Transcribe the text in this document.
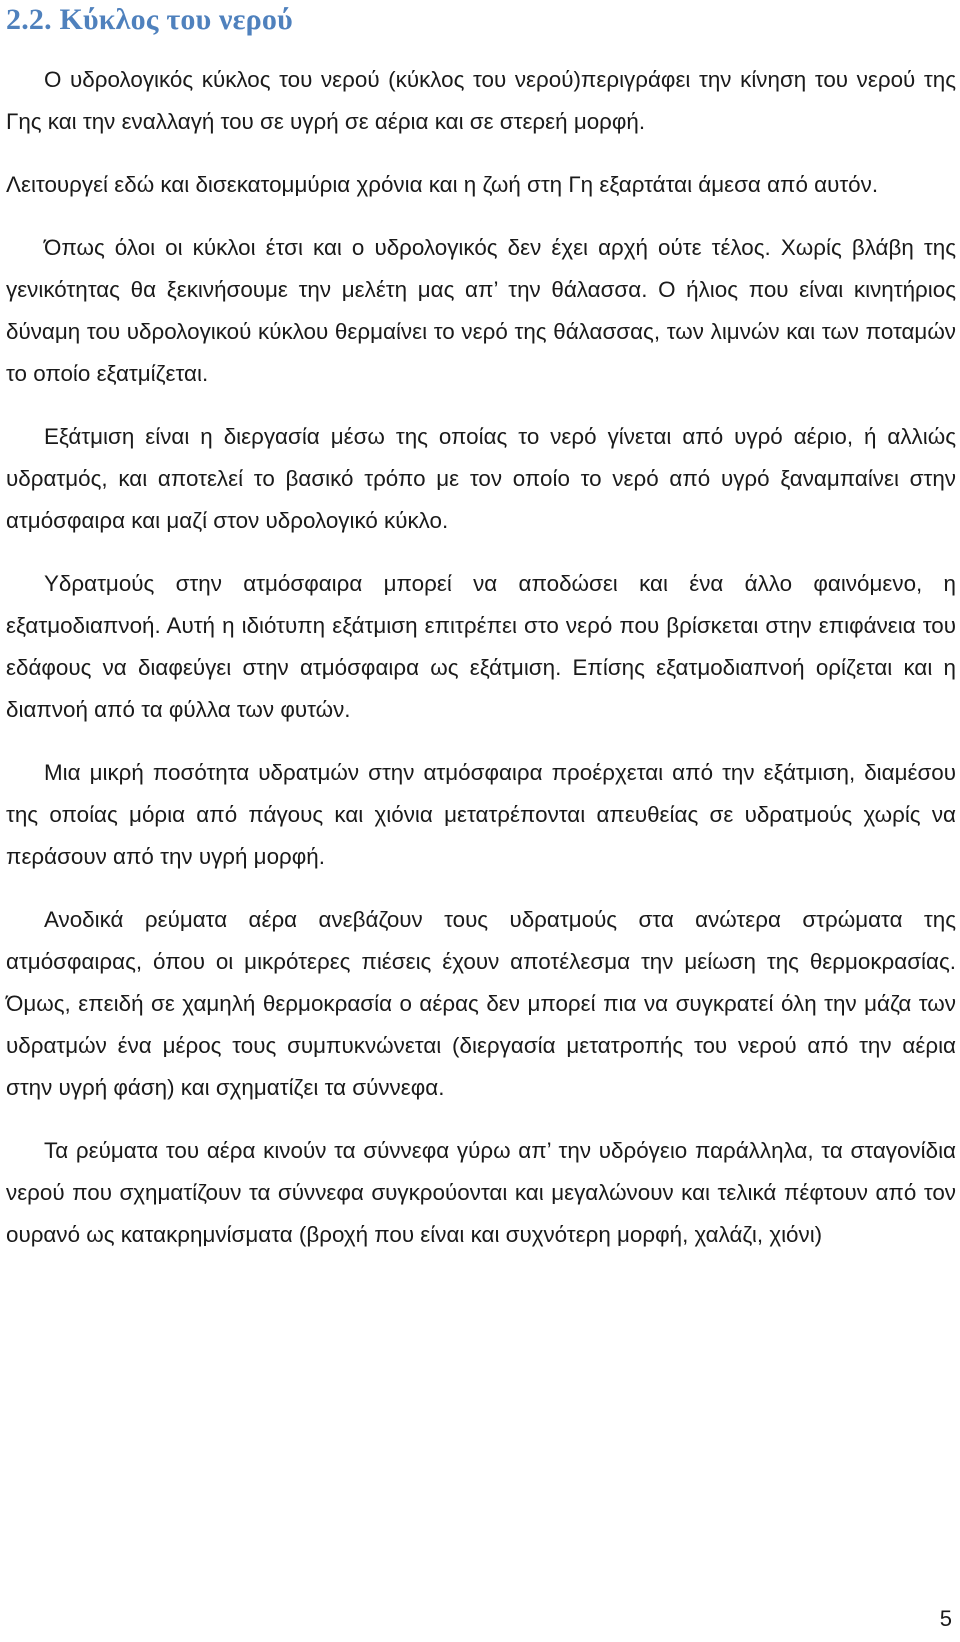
2.2. Κύκλος του νερού

Ο υδρολογικός κύκλος του νερού (κύκλος του νερού)περιγράφει την κίνηση του νερού της Γης και την εναλλαγή του σε υγρή σε αέρια και σε στερεή μορφή.

Λειτουργεί εδώ και δισεκατομμύρια χρόνια και η ζωή στη Γη εξαρτάται άμεσα από αυτόν.

Όπως όλοι οι κύκλοι έτσι και ο υδρολογικός δεν έχει αρχή ούτε τέλος. Χωρίς βλάβη της γενικότητας θα ξεκινήσουμε την μελέτη μας απ’ την θάλασσα. Ο ήλιος που είναι κινητήριος δύναμη του υδρολογικού κύκλου θερμαίνει το νερό της θάλασσας, των λιμνών και των ποταμών το οποίο εξατμίζεται.

Εξάτμιση είναι η διεργασία μέσω της οποίας το νερό γίνεται από υγρό αέριο, ή αλλιώς υδρατμός, και αποτελεί το βασικό τρόπο με τον οποίο το νερό από υγρό ξαναμπαίνει στην ατμόσφαιρα και μαζί στον υδρολογικό κύκλο.

Υδρατμούς στην ατμόσφαιρα μπορεί να αποδώσει και ένα άλλο φαινόμενο, η εξατμοδιαπνοή. Αυτή η ιδιότυπη εξάτμιση επιτρέπει στο νερό που βρίσκεται στην επιφάνεια του εδάφους να διαφεύγει στην ατμόσφαιρα ως εξάτμιση. Επίσης εξατμοδιαπνοή ορίζεται και η διαπνοή από τα φύλλα των φυτών.

Μια μικρή ποσότητα υδρατμών στην ατμόσφαιρα προέρχεται από την εξάτμιση, διαμέσου της οποίας μόρια από πάγους και χιόνια μετατρέπονται απευθείας σε υδρατμούς χωρίς να περάσουν από την υγρή μορφή.

Ανοδικά ρεύματα αέρα ανεβάζουν τους υδρατμούς στα ανώτερα στρώματα της ατμόσφαιρας, όπου οι μικρότερες πιέσεις έχουν αποτέλεσμα την μείωση της θερμοκρασίας. Όμως, επειδή σε χαμηλή θερμοκρασία ο αέρας δεν μπορεί πια να συγκρατεί όλη την μάζα των υδρατμών ένα μέρος τους συμπυκνώνεται (διεργασία μετατροπής του νερού από την αέρια στην υγρή φάση) και σχηματίζει τα σύννεφα.

Τα ρεύματα του αέρα κινούν τα σύννεφα γύρω απ’ την υδρόγειο παράλληλα, τα σταγονίδια νερού που σχηματίζουν τα σύννεφα συγκρούονται και μεγαλώνουν και τελικά πέφτουν από τον ουρανό ως κατακρημνίσματα (βροχή που είναι και συχνότερη μορφή, χαλάζι, χιόνι)

5
